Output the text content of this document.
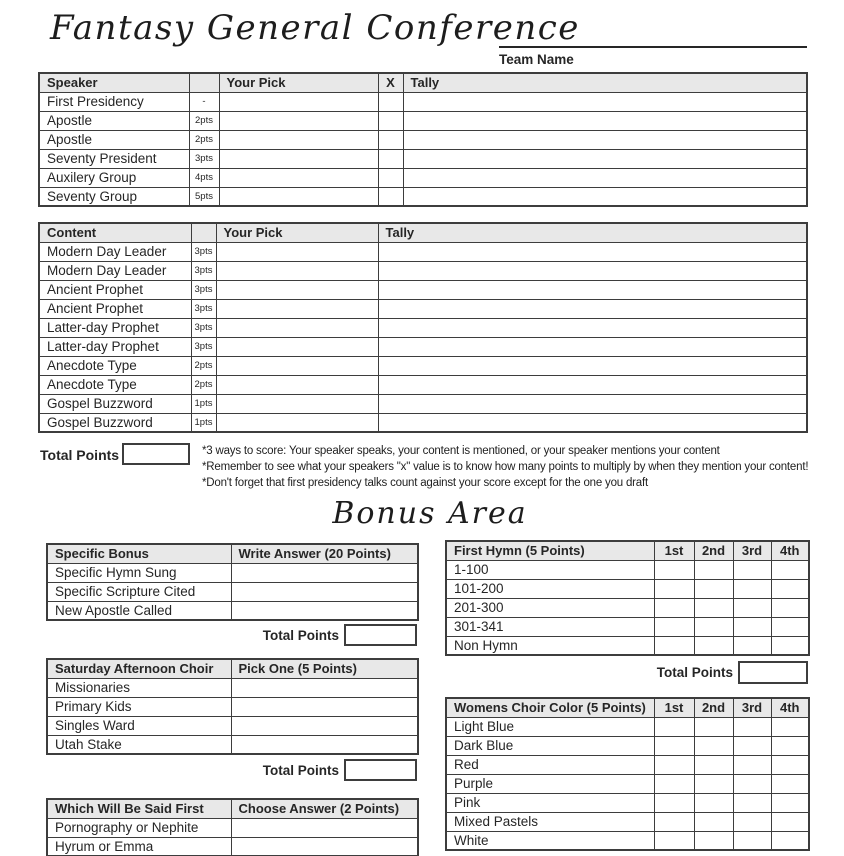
Fantasy General Conference
Team Name
Speaker		Your Pick	X	Tally
First Presidency	-			
Apostle	2pts			
Apostle	2pts			
Seventy President	3pts			
Auxilery Group	4pts			
Seventy Group	5pts			
Content		Your Pick	Tally
Modern Day Leader	3pts		
Modern Day Leader	3pts		
Ancient Prophet	3pts		
Ancient Prophet	3pts		
Latter-day Prophet	3pts		
Latter-day Prophet	3pts		
Anecdote Type	2pts		
Anecdote Type	2pts		
Gospel Buzzword	1pts		
Gospel Buzzword	1pts		
Total Points	*3 ways to score: Your speaker speaks, your content is mentioned, or your speaker mentions your content
*Remember to see what your speakers "x" value is to know how many points to multiply by when they mention your content!
*Don't forget that first presidency talks count against your score except for the one you draft
Bonus Area
Specific Bonus	Write Answer (20 Points)
Specific Hymn Sung	
Specific Scripture Cited	
New Apostle Called	
Total Points
Saturday Afternoon Choir	Pick One (5 Points)
Missionaries	
Primary Kids	
Singles Ward	
Utah Stake	
Total Points
Which Will Be Said First	Choose Answer (2 Points)
Pornography or Nephite	
Hyrum or Emma	
First Hymn (5 Points)	1st	2nd	3rd	4th
1-100				
101-200				
201-300				
301-341				
Non Hymn				
Total Points
Womens Choir Color (5 Points)	1st	2nd	3rd	4th
Light Blue				
Dark Blue				
Red				
Purple				
Pink				
Mixed Pastels				
White				
